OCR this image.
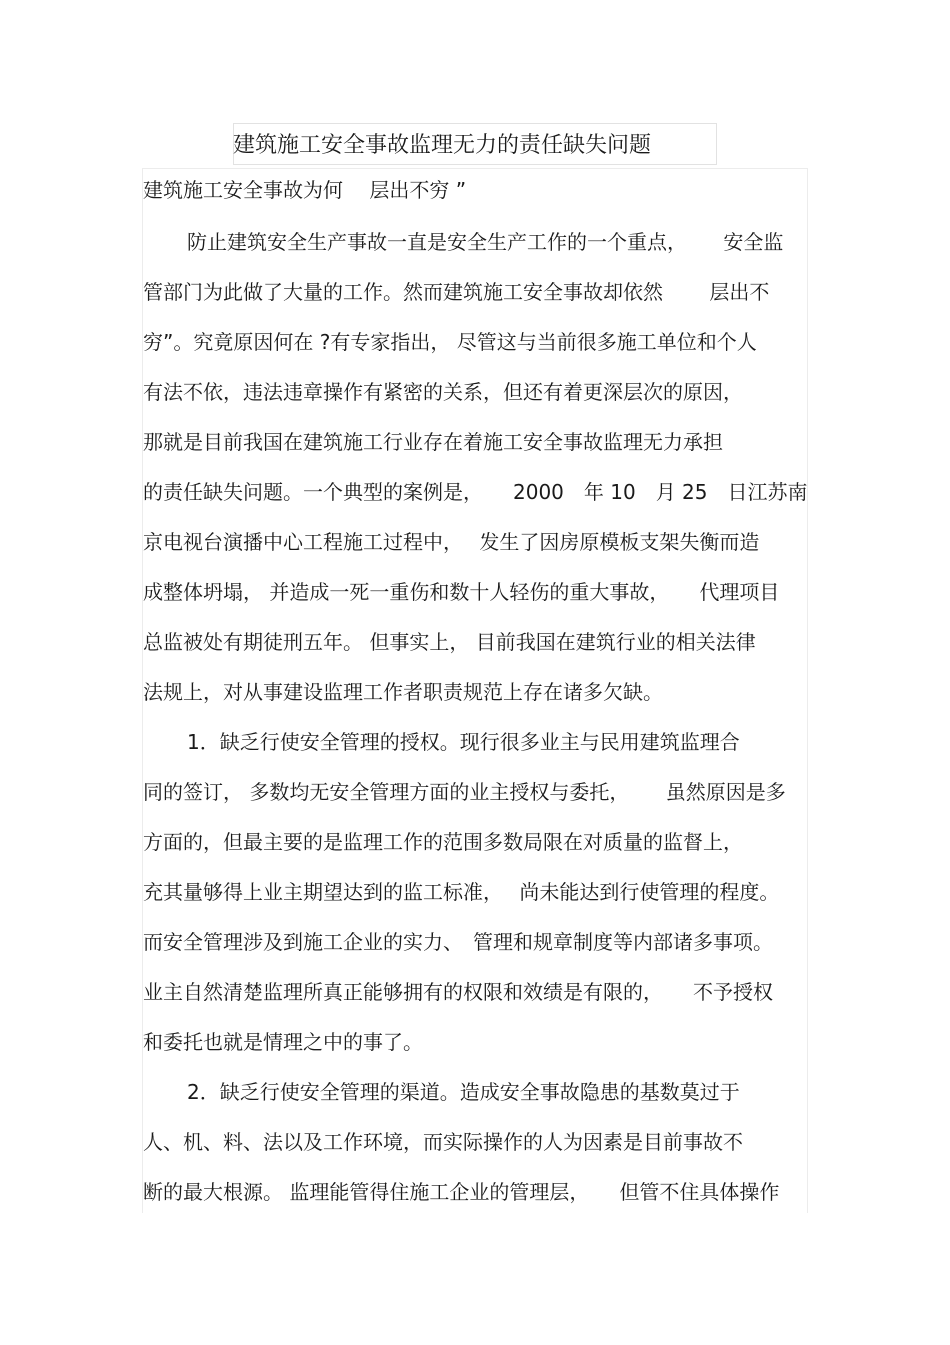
建筑施工安全事故监理无力的责任缺失问题
建筑施工安全事故为何　 层出不穷 ”
防止建筑安全生产事故一直是安全生产工作的一个重点，　　 安全监
管部门为此做了大量的工作。然而建筑施工安全事故却依然　　 层出不
穷”。究竟原因何在 ?有专家指出， 尽管这与当前很多施工单位和个人
有法不依，违法违章操作有紧密的关系，但还有着更深层次的原因，
那就是目前我国在建筑施工行业存在着施工安全事故监理无力承担
的责任缺失问题。一个典型的案例是，　　2000　年 10　月 25　日江苏南
京电视台演播中心工程施工过程中，　 发生了因房原模板支架失衡而造
成整体坍塌， 并造成一死一重伤和数十人轻伤的重大事故，　　代理项目
总监被处有期徒刑五年。 但事实上， 目前我国在建筑行业的相关法律
法规上，对从事建设监理工作者职责规范上存在诸多欠缺。
1．缺乏行使安全管理的授权。现行很多业主与民用建筑监理合
同的签订， 多数均无安全管理方面的业主授权与委托，　　 虽然原因是多
方面的，但最主要的是监理工作的范围多数局限在对质量的监督上，
充其量够得上业主期望达到的监工标准，　 尚未能达到行使管理的程度。
而安全管理涉及到施工企业的实力、　管理和规章制度等内部诸多事项。
业主自然清楚监理所真正能够拥有的权限和效绩是有限的，　　不予授权
和委托也就是情理之中的事了。
2．缺乏行使安全管理的渠道。造成安全事故隐患的基数莫过于
人、机、料、法以及工作环境，而实际操作的人为因素是目前事故不
断的最大根源。 监理能管得住施工企业的管理层，　　但管不住具体操作
